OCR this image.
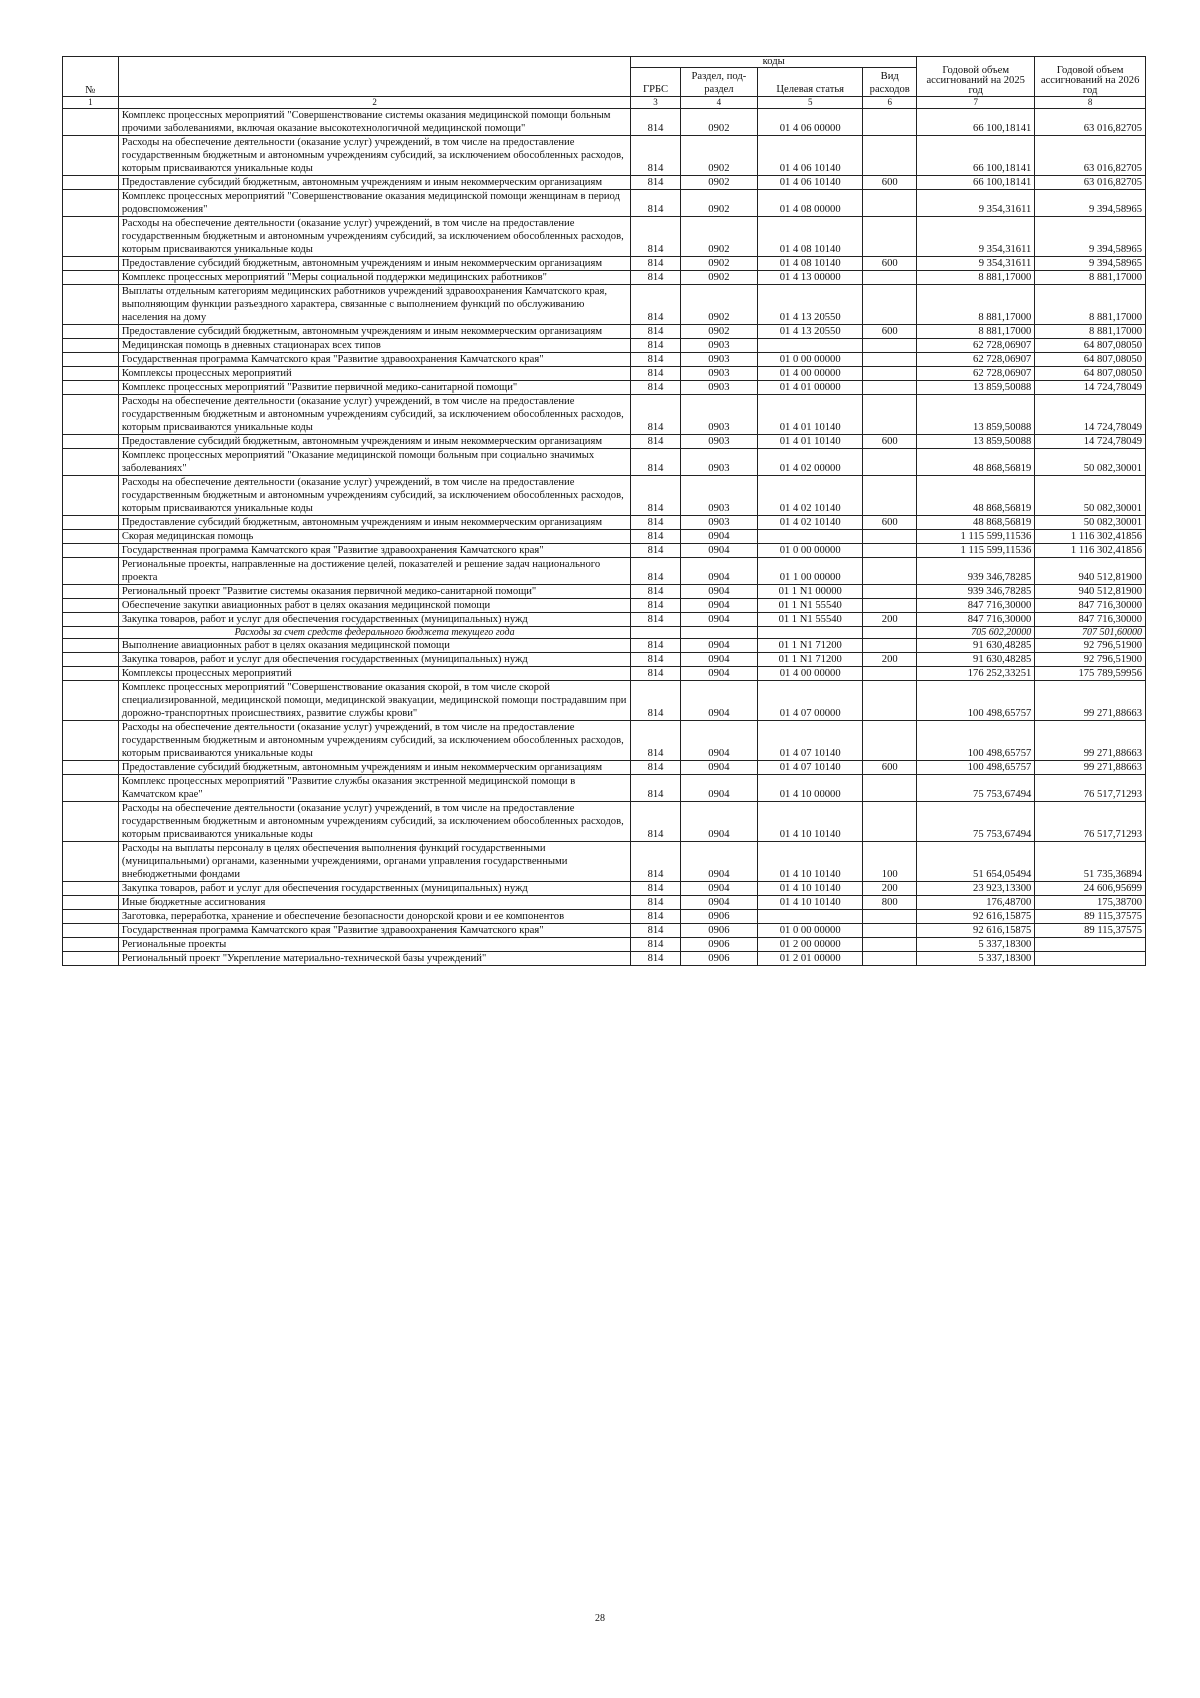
№		коды				Годовой объем ассигнований на 2025 год	Годовой объем ассигнований на 2026 год
		ГРБС	Раздел, под-раздел	Целевая статья	Вид расходов		
1	2	3	4	5	6	7	8
	Комплекс процессных мероприятий "Совершенствование системы оказания медицинской помощи больным прочими заболеваниями, включая оказание высокотехнологичной медицинской помощи"	814	0902	01 4 06 00000		66 100,18141	63 016,82705
	Расходы на обеспечение деятельности (оказание услуг) учреждений, в том числе на предоставление государственным бюджетным и автономным учреждениям субсидий, за исключением обособленных расходов, которым присваиваются уникальные коды	814	0902	01 4 06 10140		66 100,18141	63 016,82705
	Предоставление субсидий бюджетным, автономным учреждениям и иным некоммерческим организациям	814	0902	01 4 06 10140	600	66 100,18141	63 016,82705
	Комплекс процессных мероприятий "Совершенствование оказания медицинской помощи женщинам в период родовспоможения"	814	0902	01 4 08 00000		9 354,31611	9 394,58965
	Расходы на обеспечение деятельности (оказание услуг) учреждений, в том числе на предоставление государственным бюджетным и автономным учреждениям субсидий, за исключением обособленных расходов, которым присваиваются уникальные коды	814	0902	01 4 08 10140		9 354,31611	9 394,58965
	Предоставление субсидий бюджетным, автономным учреждениям и иным некоммерческим организациям	814	0902	01 4 08 10140	600	9 354,31611	9 394,58965
	Комплекс процессных мероприятий "Меры социальной поддержки медицинских работников"	814	0902	01 4 13 00000		8 881,17000	8 881,17000
	Выплаты отдельным категориям медицинских работников учреждений здравоохранения Камчатского края, выполняющим функции разъездного характера, связанные с выполнением функций по обслуживанию населения на дому	814	0902	01 4 13 20550		8 881,17000	8 881,17000
	Предоставление субсидий бюджетным, автономным учреждениям и иным некоммерческим организациям	814	0902	01 4 13 20550	600	8 881,17000	8 881,17000
	Медицинская помощь в дневных стационарах всех типов	814	0903			62 728,06907	64 807,08050
	Государственная программа Камчатского края "Развитие здравоохранения Камчатского края"	814	0903	01 0 00 00000		62 728,06907	64 807,08050
	Комплексы процессных мероприятий	814	0903	01 4 00 00000		62 728,06907	64 807,08050
	Комплекс процессных мероприятий "Развитие первичной медико-санитарной помощи"	814	0903	01 4 01 00000		13 859,50088	14 724,78049
	Расходы на обеспечение деятельности (оказание услуг) учреждений, в том числе на предоставление государственным бюджетным и автономным учреждениям субсидий, за исключением обособленных расходов, которым присваиваются уникальные коды	814	0903	01 4 01 10140		13 859,50088	14 724,78049
	Предоставление субсидий бюджетным, автономным учреждениям и иным некоммерческим организациям	814	0903	01 4 01 10140	600	13 859,50088	14 724,78049
	Комплекс процессных мероприятий "Оказание медицинской помощи больным при социально значимых заболеваниях"	814	0903	01 4 02 00000		48 868,56819	50 082,30001
	Расходы на обеспечение деятельности (оказание услуг) учреждений, в том числе на предоставление государственным бюджетным и автономным учреждениям субсидий, за исключением обособленных расходов, которым присваиваются уникальные коды	814	0903	01 4 02 10140		48 868,56819	50 082,30001
	Предоставление субсидий бюджетным, автономным учреждениям и иным некоммерческим организациям	814	0903	01 4 02 10140	600	48 868,56819	50 082,30001
	Скорая медицинская помощь	814	0904			1 115 599,11536	1 116 302,41856
	Государственная программа Камчатского края "Развитие здравоохранения Камчатского края"	814	0904	01 0 00 00000		1 115 599,11536	1 116 302,41856
	Региональные проекты, направленные на достижение целей, показателей и решение задач национального проекта	814	0904	01 1 00 00000		939 346,78285	940 512,81900
	Региональный проект "Развитие системы оказания первичной медико-санитарной помощи"	814	0904	01 1 N1 00000		939 346,78285	940 512,81900
	Обеспечение закупки авиационных работ в целях оказания медицинской помощи	814	0904	01 1 N1 55540		847 716,30000	847 716,30000
	Закупка товаров, работ и услуг для обеспечения государственных (муниципальных) нужд	814	0904	01 1 N1 55540	200	847 716,30000	847 716,30000
	Расходы за счет средств федерального бюджета текущего года					705 602,20000	707 501,60000
	Выполнение авиационных работ в целях оказания медицинской помощи	814	0904	01 1 N1 71200		91 630,48285	92 796,51900
	Закупка товаров, работ и услуг для обеспечения государственных (муниципальных) нужд	814	0904	01 1 N1 71200	200	91 630,48285	92 796,51900
	Комплексы процессных мероприятий	814	0904	01 4 00 00000		176 252,33251	175 789,59956
	Комплекс процессных мероприятий "Совершенствование оказания скорой, в том числе скорой специализированной, медицинской помощи, медицинской эвакуации, медицинской помощи пострадавшим при дорожно-транспортных происшествиях, развитие службы крови"	814	0904	01 4 07 00000		100 498,65757	99 271,88663
	Расходы на обеспечение деятельности (оказание услуг) учреждений, в том числе на предоставление государственным бюджетным и автономным учреждениям субсидий, за исключением обособленных расходов, которым присваиваются уникальные коды	814	0904	01 4 07 10140		100 498,65757	99 271,88663
	Предоставление субсидий бюджетным, автономным учреждениям и иным некоммерческим организациям	814	0904	01 4 07 10140	600	100 498,65757	99 271,88663
	Комплекс процессных мероприятий "Развитие службы оказания экстренной медицинской помощи в Камчатском крае"	814	0904	01 4 10 00000		75 753,67494	76 517,71293
	Расходы на обеспечение деятельности (оказание услуг) учреждений, в том числе на предоставление государственным бюджетным и автономным учреждениям субсидий, за исключением обособленных расходов, которым присваиваются уникальные коды	814	0904	01 4 10 10140		75 753,67494	76 517,71293
	Расходы на выплаты персоналу в целях обеспечения выполнения функций государственными (муниципальными) органами, казенными учреждениями, органами управления государственными внебюджетными фондами	814	0904	01 4 10 10140	100	51 654,05494	51 735,36894
	Закупка товаров, работ и услуг для обеспечения государственных (муниципальных) нужд	814	0904	01 4 10 10140	200	23 923,13300	24 606,95699
	Иные бюджетные ассигнования	814	0904	01 4 10 10140	800	176,48700	175,38700
	Заготовка, переработка, хранение и обеспечение безопасности донорской крови и ее компонентов	814	0906			92 616,15875	89 115,37575
	Государственная программа Камчатского края "Развитие здравоохранения Камчатского края"	814	0906	01 0 00 00000		92 616,15875	89 115,37575
	Региональные проекты	814	0906	01 2 00 00000		5 337,18300	
	Региональный проект "Укрепление материально-технической базы учреждений"	814	0906	01 2 01 00000		5 337,18300	
28
